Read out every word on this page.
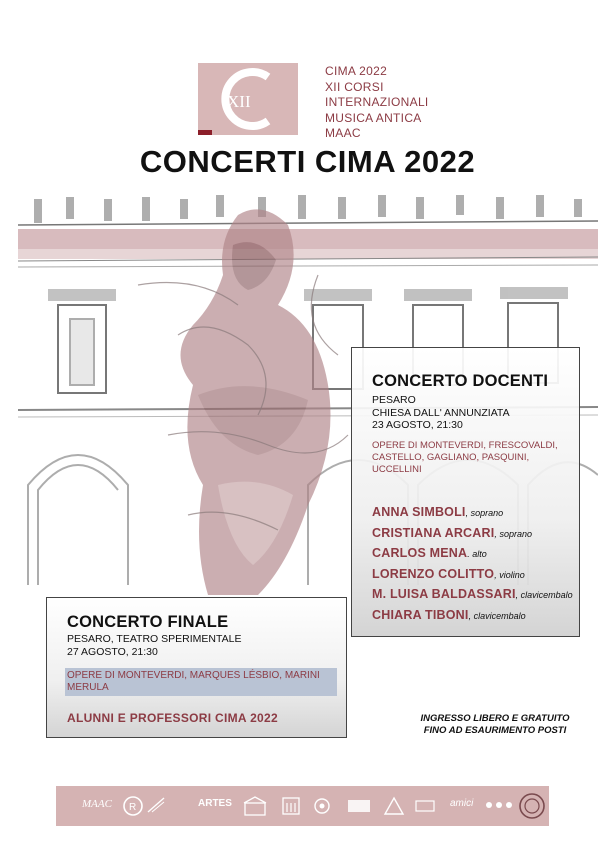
XII
CIMA 2022
XII CORSI
INTERNAZIONALI
MUSICA ANTICA
MAAC
CONCERTI CIMA 2022
CONCERTO DOCENTI
PESARO
CHIESA DALL' ANNUNZIATA
23 AGOSTO, 21:30
OPERE DI MONTEVERDI, FRESCOVALDI, CASTELLO, GAGLIANO, PASQUINI, UCCELLINI
ANNA SIMBOLI, soprano
CRISTIANA ARCARI, soprano
CARLOS MENA. alto
LORENZO COLITTO, violino
M. LUISA BALDASSARI, clavicembalo
CHIARA TIBONI, clavicembalo
CONCERTO FINALE
PESARO, TEATRO SPERIMENTALE
27 AGOSTO, 21:30
OPERE DI MONTEVERDI, MARQUES LÉSBIO, MARINI MERULA
ALUNNI E PROFESSORI CIMA 2022	INGRESSO LIBERO E GRATUITO
FINO AD ESAURIMENTO POSTI
MAAC R	ARTES	amici
